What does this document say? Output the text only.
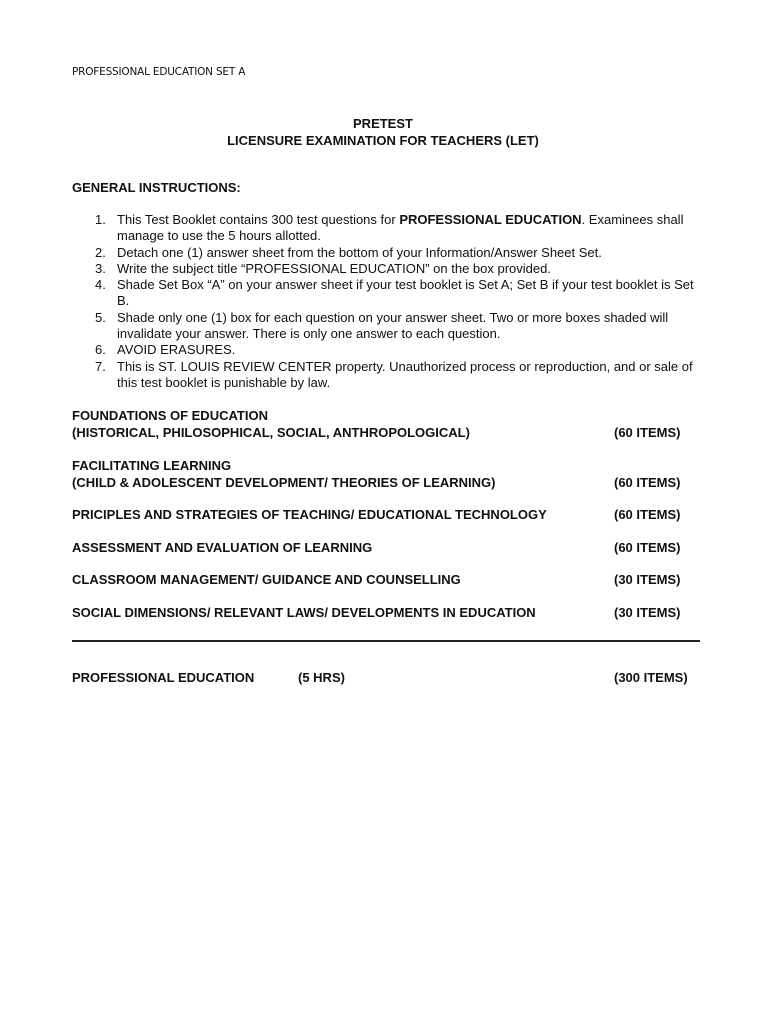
PROFESSIONAL EDUCATION SET A
PRETEST
LICENSURE EXAMINATION FOR TEACHERS (LET)
GENERAL INSTRUCTIONS:
1. This Test Booklet contains 300 test questions for PROFESSIONAL EDUCATION. Examinees shall manage to use the 5 hours allotted.
2. Detach one (1) answer sheet from the bottom of your Information/Answer Sheet Set.
3. Write the subject title “PROFESSIONAL EDUCATION” on the box provided.
4. Shade Set Box “A” on your answer sheet if your test booklet is Set A; Set B if your test booklet is Set B.
5. Shade only one (1) box for each question on your answer sheet. Two or more boxes shaded will invalidate your answer. There is only one answer to each question.
6. AVOID ERASURES.
7. This is ST. LOUIS REVIEW CENTER property. Unauthorized process or reproduction, and or sale of this test booklet is punishable by law.
FOUNDATIONS OF EDUCATION
(HISTORICAL, PHILOSOPHICAL, SOCIAL, ANTHROPOLOGICAL)	(60 ITEMS)
FACILITATING LEARNING
(CHILD & ADOLESCENT DEVELOPMENT/ THEORIES OF LEARNING)	(60 ITEMS)
PRICIPLES AND STRATEGIES OF TEACHING/ EDUCATIONAL TECHNOLOGY	(60 ITEMS)
ASSESSMENT AND EVALUATION OF LEARNING	(60 ITEMS)
CLASSROOM MANAGEMENT/ GUIDANCE AND COUNSELLING	(30 ITEMS)
SOCIAL DIMENSIONS/ RELEVANT LAWS/ DEVELOPMENTS IN EDUCATION	(30 ITEMS)
PROFESSIONAL EDUCATION	(5 HRS)	(300 ITEMS)
